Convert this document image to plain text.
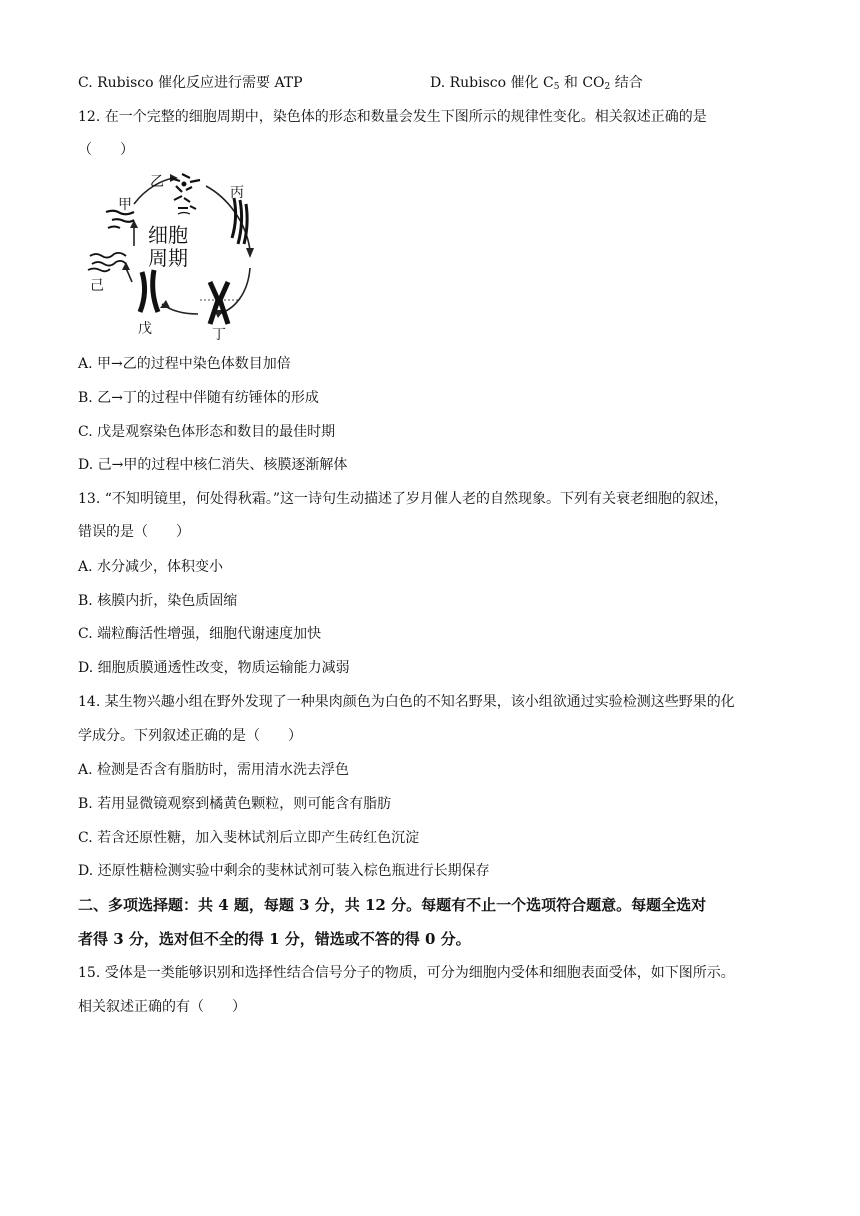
C. Rubisco 催化反应进行需要 ATP	D. Rubisco 催化 $C_5$ 和 $CO_2$ 结合
12. 在一个完整的细胞周期中，染色体的形态和数量会发生下图所示的规律性变化。相关叙述正确的是
（　　）
细胞
周期
甲
乙
丙
丁
戊
己
A. 甲→乙的过程中染色体数目加倍
B. 乙→丁的过程中伴随有纺锤体的形成
C. 戊是观察染色体形态和数目的最佳时期
D. 己→甲的过程中核仁消失、核膜逐渐解体
13. “不知明镜里，何处得秋霜。”这一诗句生动描述了岁月催人老的自然现象。下列有关衰老细胞的叙述，
错误的是（　　）
A. 水分减少，体积变小
B. 核膜内折，染色质固缩
C. 端粒酶活性增强，细胞代谢速度加快
D. 细胞质膜通透性改变，物质运输能力减弱
14. 某生物兴趣小组在野外发现了一种果肉颜色为白色的不知名野果，该小组欲通过实验检测这些野果的化
学成分。下列叙述正确的是（　　）
A. 检测是否含有脂肪时，需用清水洗去浮色
B. 若用显微镜观察到橘黄色颗粒，则可能含有脂肪
C. 若含还原性糖，加入斐林试剂后立即产生砖红色沉淀
D. 还原性糖检测实验中剩余的斐林试剂可装入棕色瓶进行长期保存
二、多项选择题：共 4 题，每题 3 分，共 12 分。每题有不止一个选项符合题意。每题全选对
者得 3 分，选对但不全的得 1 分，错选或不答的得 0 分。
15. 受体是一类能够识别和选择性结合信号分子的物质，可分为细胞内受体和细胞表面受体，如下图所示。
相关叙述正确的有（　　）
